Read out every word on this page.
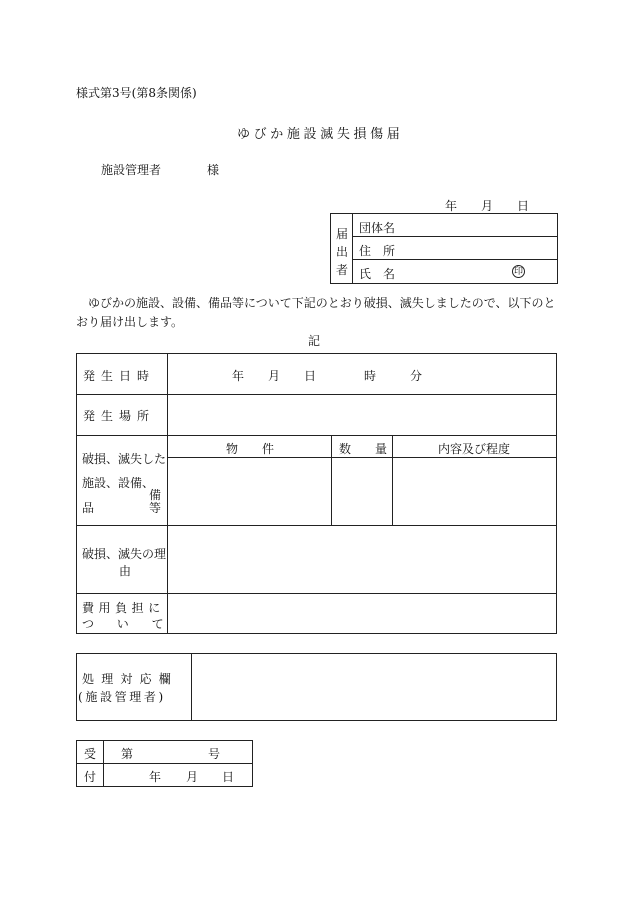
様式第3号(第8条関係)
ゆびか施設滅失損傷届
施設管理者	様
年 月 日
届
出
者
団体名
住　所
氏　名	印
ゆびかの施設、設備、備品等について下記のとおり破損、滅失しましたので、以下のと
おり届け出します。
記
発生日時	年 月 日	時	分
発生場所
破損、滅失した
施設、設備、
備
品	等
物　　件	数　　量	内容及び程度
破損、滅失の理
由
費用負担に
ついて
処理対応欄
(施設管理者)
受
付
第	号
年 月 日
